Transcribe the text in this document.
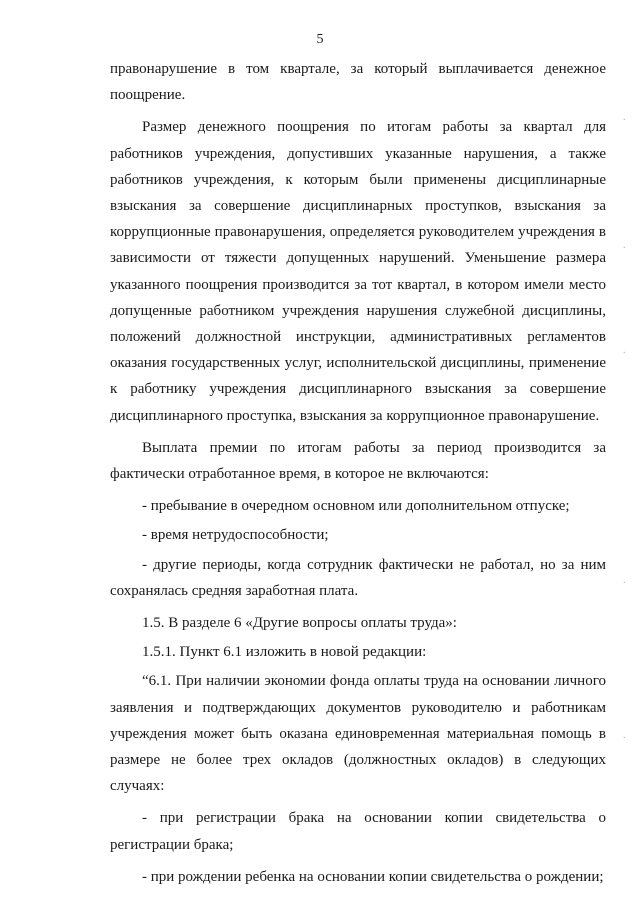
5

правонарушение в том квартале, за который выплачивается денежное поощрение.

Размер денежного поощрения по итогам работы за квартал для работников учреждения, допустивших указанные нарушения, а также работников учреждения, к которым были применены дисциплинарные взыскания за совершение дисциплинарных проступков, взыскания за коррупционные правонарушения, определяется руководителем учреждения в зависимости от тяжести допущенных нарушений. Уменьшение размера указанного поощрения производится за тот квартал, в котором имели место допущенные работником учреждения нарушения служебной дисциплины, положений должностной инструкции, административных регламентов оказания государственных услуг, исполнительской дисциплины, применение к работнику учреждения дисциплинарного взыскания за совершение дисциплинарного проступка, взыскания за коррупционное правонарушение.

Выплата премии по итогам работы за период производится за фактически отработанное время, в которое не включаются:

- пребывание в очередном основном или дополнительном отпуске;

- время нетрудоспособности;

- другие периоды, когда сотрудник фактически не работал, но за ним сохранялась средняя заработная плата.

1.5. В разделе 6 «Другие вопросы оплаты труда»:

1.5.1. Пункт 6.1 изложить в новой редакции:

“6.1. При наличии экономии фонда оплаты труда на основании личного заявления и подтверждающих документов руководителю и работникам учреждения может быть оказана единовременная материальная помощь в размере не более трех окладов (должностных окладов) в следующих случаях:

- при регистрации брака на основании копии свидетельства о регистрации брака;

- при рождении ребенка на основании копии свидетельства о рождении;

.
.
.
.
.
